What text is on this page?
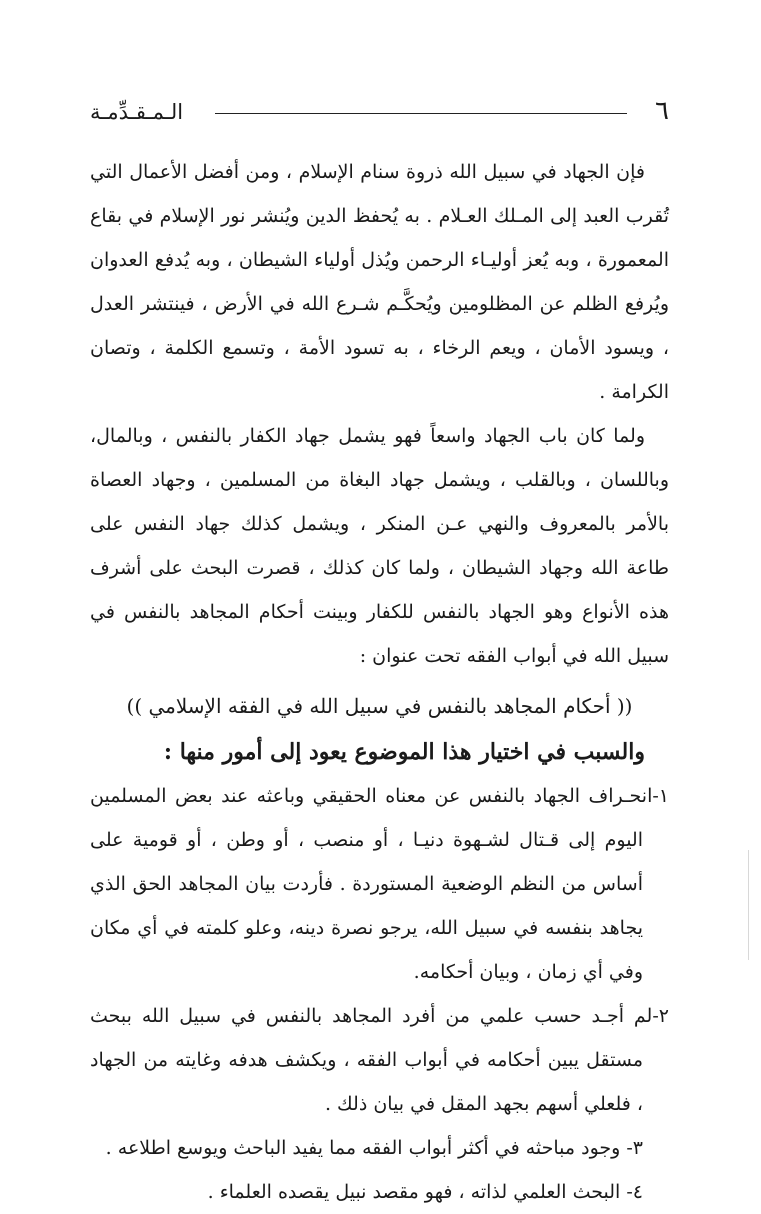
٦
الـمـقـدِّمـة

فإن الجهاد في سبيل الله ذروة سنام الإسلام ، ومن أفضل الأعمال التي تُقرب العبد إلى المـلك العـلام . به يُحفظ الدين ويُنشر نور الإسلام في بقاع المعمورة ، وبه يُعز أوليـاء الرحمن ويُذل أولياء الشيطان ، وبه يُدفع العدوان ويُرفع الظلم عن المظلومين ويُحكَّـم شـرع الله في الأرض ، فينتشر العدل ، ويسود الأمان ، ويعم الرخاء ، به تسود الأمة ، وتسمع الكلمة ، وتصان الكرامة .

ولما كان باب الجهاد واسعاً فهو يشمل جهاد الكفار بالنفس ، وبالمال، وباللسان ، وبالقلب ، ويشمل جهاد البغاة من المسلمين ، وجهاد العصاة بالأمر بالمعروف والنهي عـن المنكر ، ويشمل كذلك جهاد النفس على طاعة الله وجهاد الشيطان ، ولما كان كذلك ، قصرت البحث على أشرف هذه الأنواع وهو الجهاد بالنفس للكفار وبينت أحكام المجاهد بالنفس في سبيل الله في أبواب الفقه تحت عنوان :

(( أحكام المجاهد بالنفس في سبيل الله في الفقه الإسلامي ))

والسبب في اختيار هذا الموضوع يعود إلى أمور منها :

١-انحـراف الجهاد بالنفس عن معناه الحقيقي وباعثه عند بعض المسلمين اليوم إلى قـتال لشـهوة دنيـا ، أو منصب ، أو وطن ، أو قومية على أساس من النظم الوضعية المستوردة . فأردت بيان المجاهد الحق الذي يجاهد بنفسه في سبيل الله، يرجو نصرة دينه، وعلو كلمته في أي مكان وفي أي زمان ، وبيان أحكامه.

٢-لم أجـد حسب علمي من أفرد المجاهد بالنفس في سبيل الله ببحث مستقل يبين أحكامه في أبواب الفقه ، ويكشف هدفه وغايته من الجهاد ، فلعلي أسهم بجهد المقل في بيان ذلك .

٣- وجود مباحثه في أكثر أبواب الفقه مما يفيد الباحث ويوسع اطلاعه .

٤- البحث العلمي لذاته ، فهو مقصد نبيل يقصده العلماء .
